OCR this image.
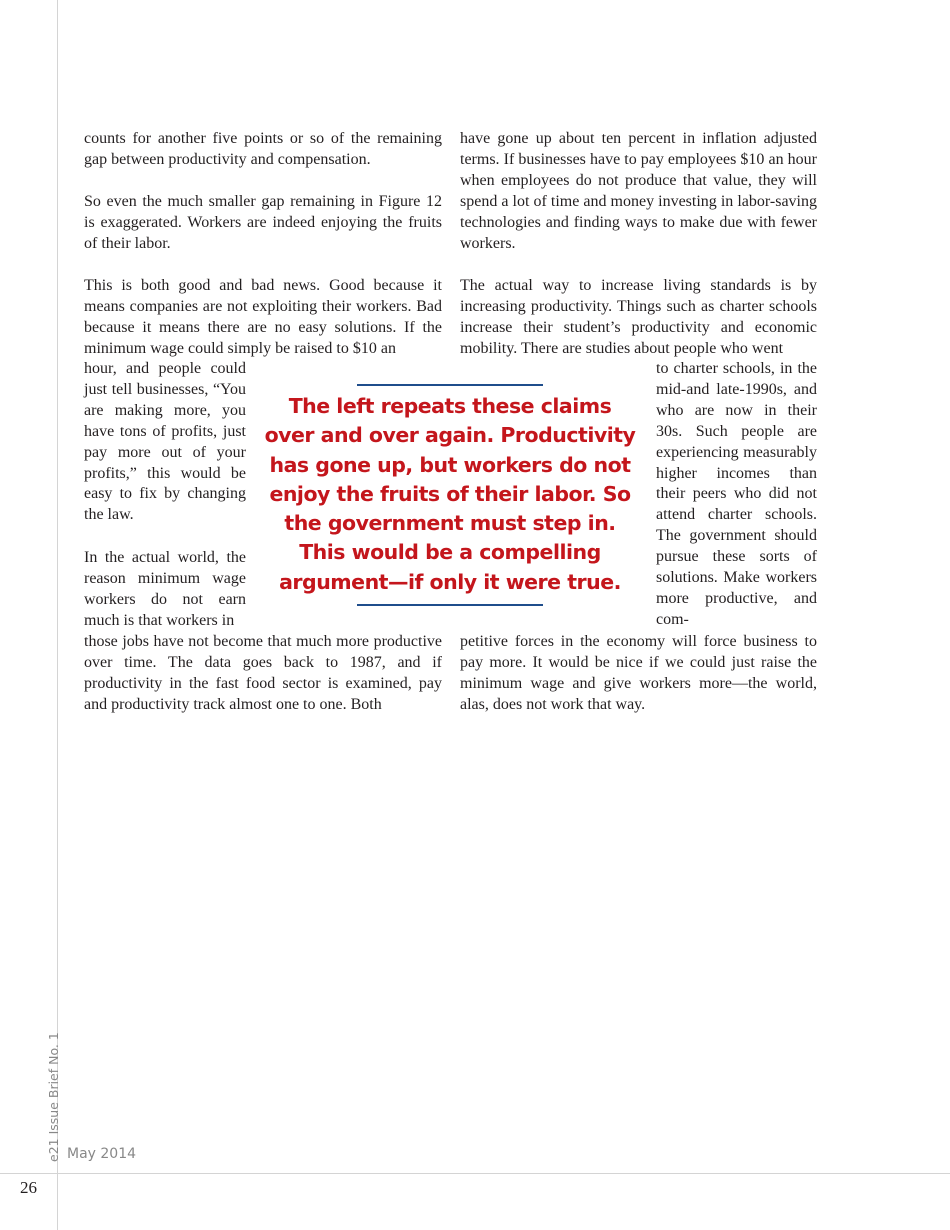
26
e21 Issue Brief No. 1 May 2014

counts for another five points or so of the remaining gap between productivity and compensation.

So even the much smaller gap remaining in Figure 12 is exaggerated. Workers are indeed enjoying the fruits of their labor.

This is both good and bad news. Good because it means companies are not exploiting their workers. Bad because it means there are no easy solutions. If the minimum wage could simply be raised to $10 an

hour, and people could just tell businesses, “You are making more, you have tons of profits, just pay more out of your profits,” this would be easy to fix by changing the law.

In the actual world, the reason minimum wage workers do not earn much is that workers in

those jobs have not become that much more productive over time. The data goes back to 1987, and if productivity in the fast food sector is examined, pay and productivity track almost one to one. Both

have gone up about ten percent in inflation adjusted terms. If businesses have to pay employees $10 an hour when employees do not produce that value, they will spend a lot of time and money investing in labor-saving technologies and finding ways to make due with fewer workers.

The actual way to increase living standards is by increasing productivity. Things such as charter schools increase their student’s productivity and economic mobility. There are studies about people who went

to charter schools, in the mid-and late-1990s, and who are now in their 30s. Such people are experiencing measurably higher incomes than their peers who did not attend charter schools. The government should pursue these sorts of solutions. Make workers more productive, and com-

petitive forces in the economy will force business to pay more. It would be nice if we could just raise the minimum wage and give workers more—the world, alas, does not work that way.

The left repeats these claims over and over again. Productivity has gone up, but workers do not enjoy the fruits of their labor. So the government must step in. This would be a compelling argument—if only it were true.
